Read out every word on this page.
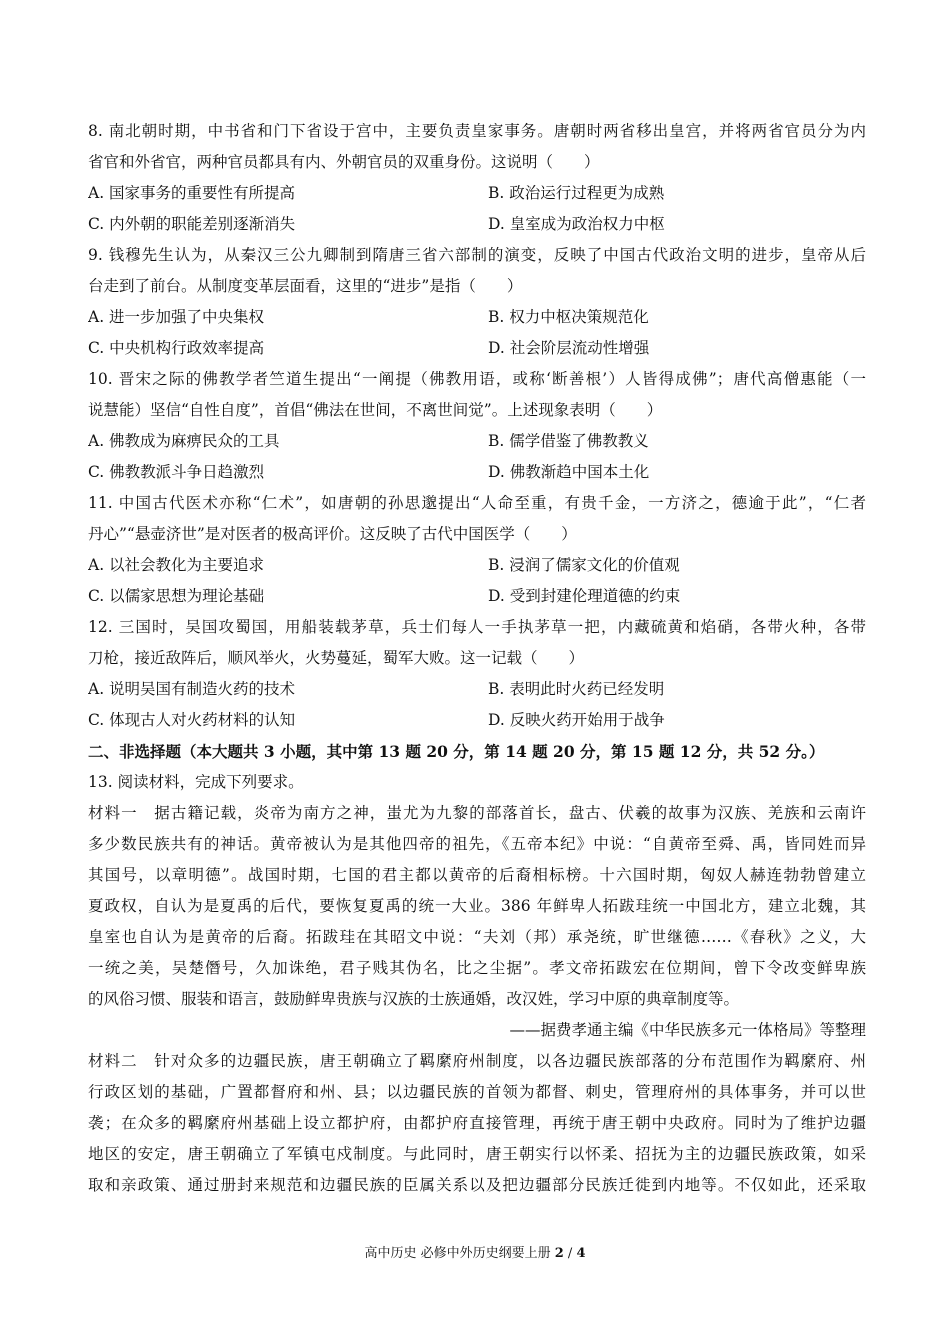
8. 南北朝时期，中书省和门下省设于宫中，主要负责皇家事务。唐朝时两省移出皇宫，并将两省官员分为内
省官和外省官，两种官员都具有内、外朝官员的双重身份。这说明（　　）
A. 国家事务的重要性有所提高	B. 政治运行过程更为成熟
C. 内外朝的职能差别逐渐消失	D. 皇室成为政治权力中枢
9. 钱穆先生认为，从秦汉三公九卿制到隋唐三省六部制的演变，反映了中国古代政治文明的进步，皇帝从后
台走到了前台。从制度变革层面看，这里的“进步”是指（　　）
A. 进一步加强了中央集权	B. 权力中枢决策规范化
C. 中央机构行政效率提高	D. 社会阶层流动性增强
10. 晋宋之际的佛教学者竺道生提出“一阐提（佛教用语，或称‘断善根’）人皆得成佛”；唐代高僧惠能（一
说慧能）坚信“自性自度”，首倡“佛法在世间，不离世间觉”。上述现象表明（　　）
A. 佛教成为麻痹民众的工具	B. 儒学借鉴了佛教教义
C. 佛教教派斗争日趋激烈	D. 佛教渐趋中国本土化
11. 中国古代医术亦称“仁术”，如唐朝的孙思邈提出“人命至重，有贵千金，一方济之，德逾于此”，“仁者
丹心”“悬壶济世”是对医者的极高评价。这反映了古代中国医学（　　）
A. 以社会教化为主要追求	B. 浸润了儒家文化的价值观
C. 以儒家思想为理论基础	D. 受到封建伦理道德的约束
12. 三国时，吴国攻蜀国，用船装载茅草，兵士们每人一手执茅草一把，内藏硫黄和焰硝，各带火种，各带
刀枪，接近敌阵后，顺风举火，火势蔓延，蜀军大败。这一记载（　　）
A. 说明吴国有制造火药的技术	B. 表明此时火药已经发明
C. 体现古人对火药材料的认知	D. 反映火药开始用于战争
二、非选择题（本大题共 3 小题，其中第 13 题 20 分，第 14 题 20 分，第 15 题 12 分，共 52 分。）
13. 阅读材料，完成下列要求。
材料一　据古籍记载，炎帝为南方之神，蚩尤为九黎的部落首长，盘古、伏羲的故事为汉族、羌族和云南许
多少数民族共有的神话。黄帝被认为是其他四帝的祖先，《五帝本纪》中说：“自黄帝至舜、禹，皆同姓而异
其国号，以章明德”。战国时期，七国的君主都以黄帝的后裔相标榜。十六国时期，匈奴人赫连勃勃曾建立
夏政权，自认为是夏禹的后代，要恢复夏禹的统一大业。386 年鲜卑人拓跋珪统一中国北方，建立北魏，其
皇室也自认为是黄帝的后裔。拓跋珪在其昭文中说：“夫刘（邦）承尧统，旷世继德……《春秋》之义，大
一统之美，吴楚僭号，久加诛绝，君子贱其伪名，比之尘据”。孝文帝拓跋宏在位期间，曾下令改变鲜卑族
的风俗习惯、服装和语言，鼓励鲜卑贵族与汉族的士族通婚，改汉姓，学习中原的典章制度等。
——据费孝通主编《中华民族多元一体格局》等整理
材料二　针对众多的边疆民族，唐王朝确立了羁縻府州制度，以各边疆民族部落的分布范围作为羁縻府、州
行政区划的基础，广置都督府和州、县；以边疆民族的首领为都督、刺史，管理府州的具体事务，并可以世
袭；在众多的羁縻府州基础上设立都护府，由都护府直接管理，再统于唐王朝中央政府。同时为了维护边疆
地区的安定，唐王朝确立了军镇屯戍制度。与此同时，唐王朝实行以怀柔、招抚为主的边疆民族政策，如采
取和亲政策、通过册封来规范和边疆民族的臣属关系以及把边疆部分民族迁徙到内地等。不仅如此，还采取
高中历史 必修中外历史纲要上册 2 / 4
